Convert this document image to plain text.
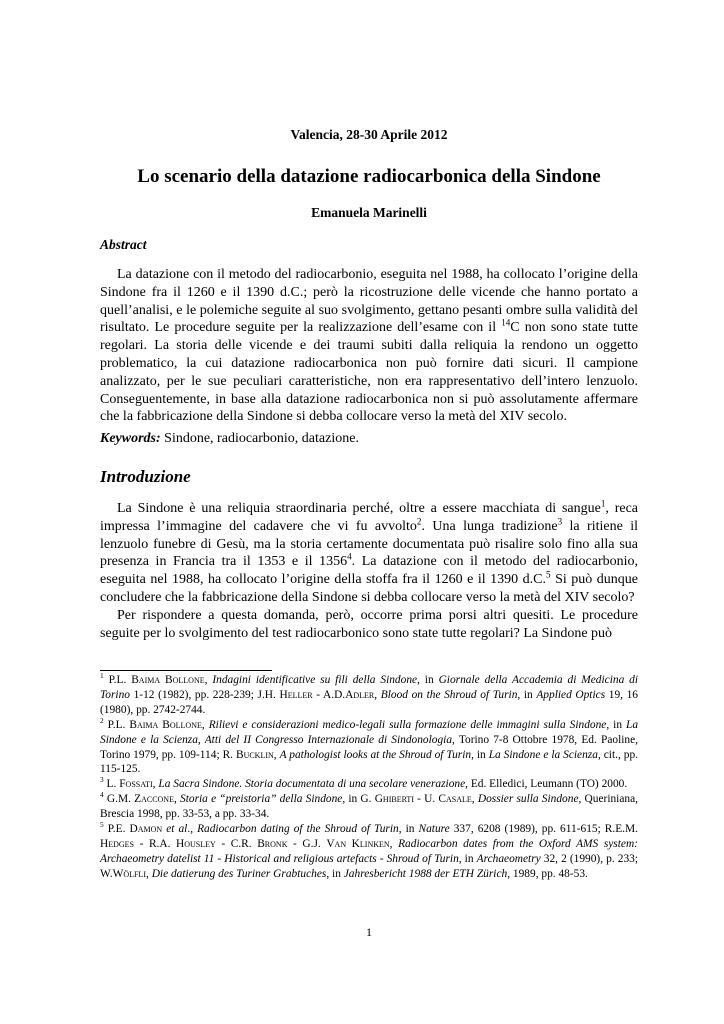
Valencia, 28-30 Aprile 2012
Lo scenario della datazione radiocarbonica della Sindone
Emanuela Marinelli
Abstract

La datazione con il metodo del radiocarbonio, eseguita nel 1988, ha collocato l’origine della Sindone fra il 1260 e il 1390 d.C.; però la ricostruzione delle vicende che hanno portato a quell’analisi, e le polemiche seguite al suo svolgimento, gettano pesanti ombre sulla validità del risultato. Le procedure seguite per la realizzazione dell’esame con il $^{14}$C non sono state tutte regolari. La storia delle vicende e dei traumi subiti dalla reliquia la rendono un oggetto problematico, la cui datazione radiocarbonica non può fornire dati sicuri. Il campione analizzato, per le sue peculiari caratteristiche, non era rappresentativo dell’intero lenzuolo. Conseguentemente, in base alla datazione radiocarbonica non si può assolutamente affermare che la fabbricazione della Sindone si debba collocare verso la metà del XIV secolo.

Keywords: Sindone, radiocarbonio, datazione.
Introduzione

La Sindone è una reliquia straordinaria perché, oltre a essere macchiata di sangue$^1$, reca impressa l’immagine del cadavere che vi fu avvolto$^2$. Una lunga tradizione$^3$ la ritiene il lenzuolo funebre di Gesù, ma la storia certamente documentata può risalire solo fino alla sua presenza in Francia tra il 1353 e il 1356$^4$. La datazione con il metodo del radiocarbonio, eseguita nel 1988, ha collocato l’origine della stoffa fra il 1260 e il 1390 d.C.$^5$ Si può dunque concludere che la fabbricazione della Sindone si debba collocare verso la metà del XIV secolo?

Per rispondere a questa domanda, però, occorre prima porsi altri quesiti. Le procedure seguite per lo svolgimento del test radiocarbonico sono state tutte regolari? La Sindone può

$^1$ P.L. Baima Bollone, Indagini identificative su fili della Sindone, in Giornale della Accademia di Medicina di Torino 1-12 (1982), pp. 228-239; J.H. Heller - A.D.Adler, Blood on the Shroud of Turin, in Applied Optics 19, 16 (1980), pp. 2742-2744.

$^2$ P.L. Baima Bollone, Rilievi e considerazioni medico-legali sulla formazione delle immagini sulla Sindone, in La Sindone e la Scienza, Atti del II Congresso Internazionale di Sindonologia, Torino 7-8 Ottobre 1978, Ed. Paoline, Torino 1979, pp. 109-114; R. Bucklin, A pathologist looks at the Shroud of Turin, in La Sindone e la Scienza, cit., pp. 115-125.

$^3$ L. Fossati, La Sacra Sindone. Storia documentata di una secolare venerazione, Ed. Elledici, Leumann (TO) 2000.

$^4$ G.M. Zaccone, Storia e “preistoria” della Sindone, in G. Ghiberti - U. Casale, Dossier sulla Sindone, Queriniana, Brescia 1998, pp. 33-53, a pp. 33-34.

$^5$ P.E. Damon et al., Radiocarbon dating of the Shroud of Turin, in Nature 337, 6208 (1989), pp. 611-615; R.E.M. Hedges - R.A. Housley - C.R. Bronk - G.J. Van Klinken, Radiocarbon dates from the Oxford AMS system: Archaeometry datelist 11 - Historical and religious artefacts - Shroud of Turin, in Archaeometry 32, 2 (1990), p. 233; W.Wölfli, Die datierung des Turiner Grabtuches, in Jahresbericht 1988 der ETH Zürich, 1989, pp. 48-53.

1
